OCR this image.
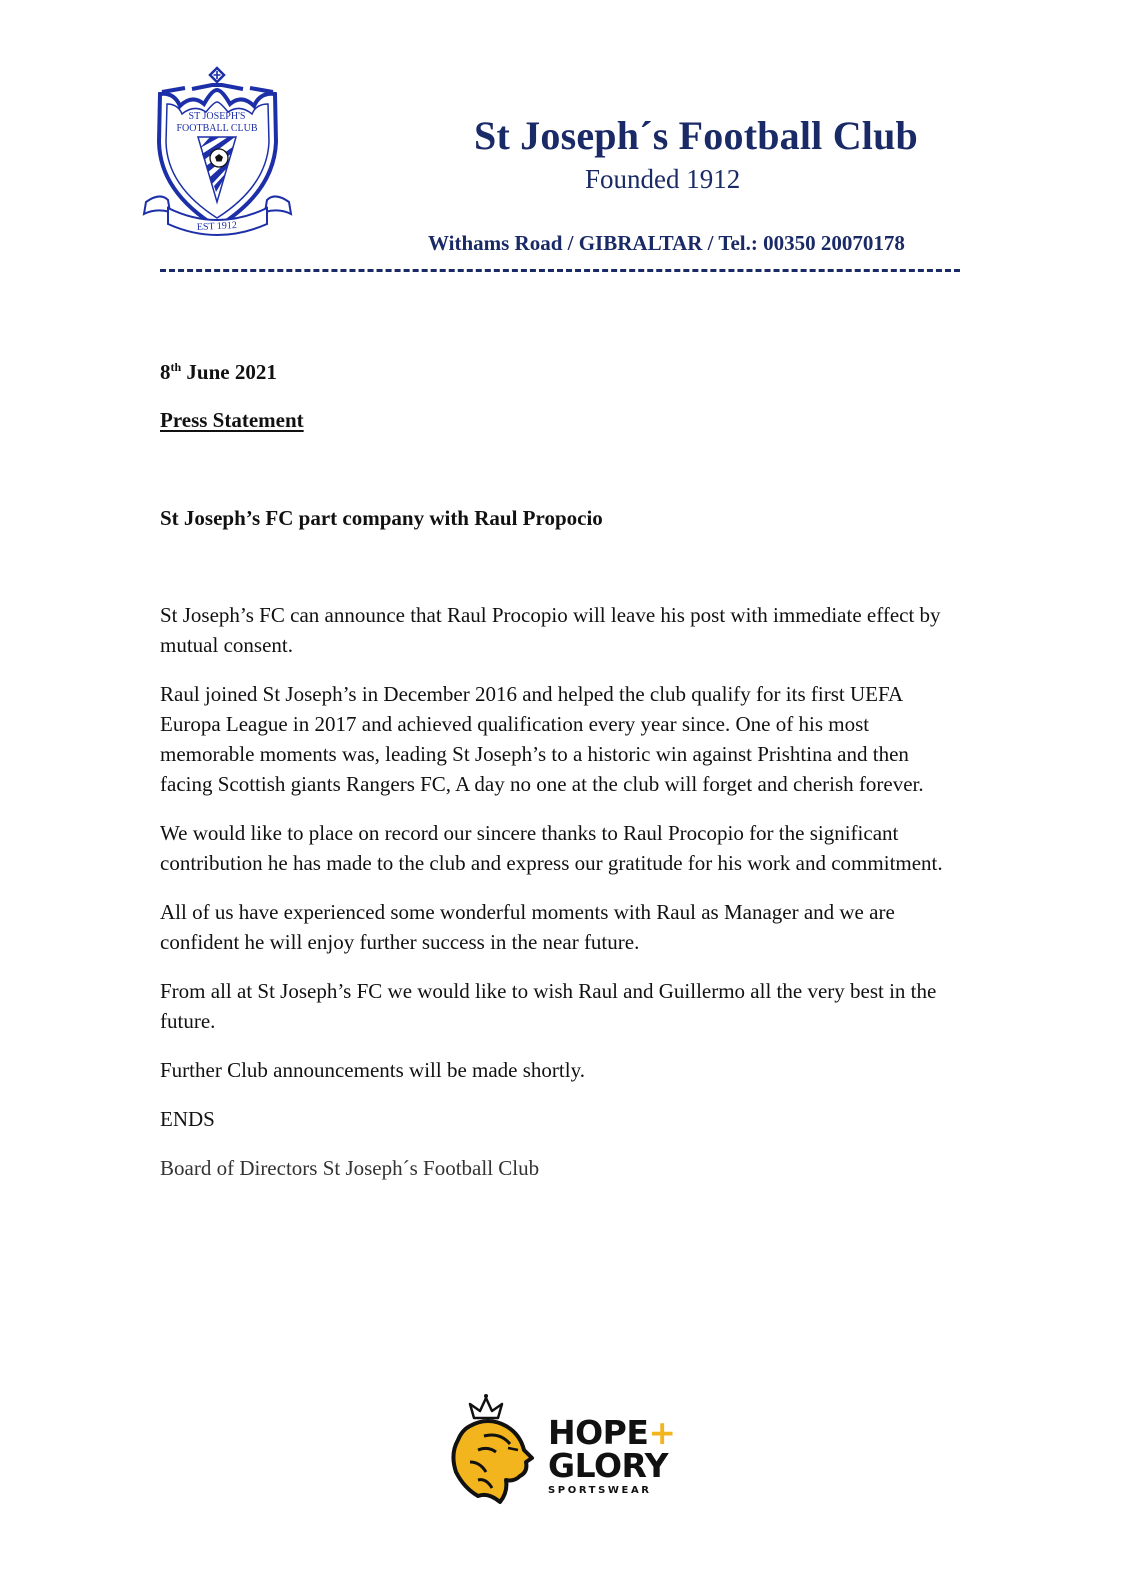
ST JOSEPH'S
FOOTBALL CLUB
EST 1912
St Joseph´s Football Club
Founded 1912
Withams Road / GIBRALTAR / Tel.: 00350 20070178
8th June 2021
Press Statement
St Joseph’s FC part company with Raul Propocio

St Joseph’s FC can announce that Raul Procopio will leave his post with immediate effect by mutual consent.

Raul joined St Joseph’s in December 2016 and helped the club qualify for its first UEFA Europa League in 2017 and achieved qualification every year since. One of his most memorable moments was, leading St Joseph’s to a historic win against Prishtina and then facing Scottish giants Rangers FC, A day no one at the club will forget and cherish forever.

We would like to place on record our sincere thanks to Raul Procopio for the significant contribution he has made to the club and express our gratitude for his work and commitment.

All of us have experienced some wonderful moments with Raul as Manager and we are confident he will enjoy further success in the near future.

From all at St Joseph’s FC we would like to wish Raul and Guillermo all the very best in the future.

Further Club announcements will be made shortly.

ENDS

Board of Directors St Joseph´s Football Club

HOPE+
GLORY
SPORTSWEAR
